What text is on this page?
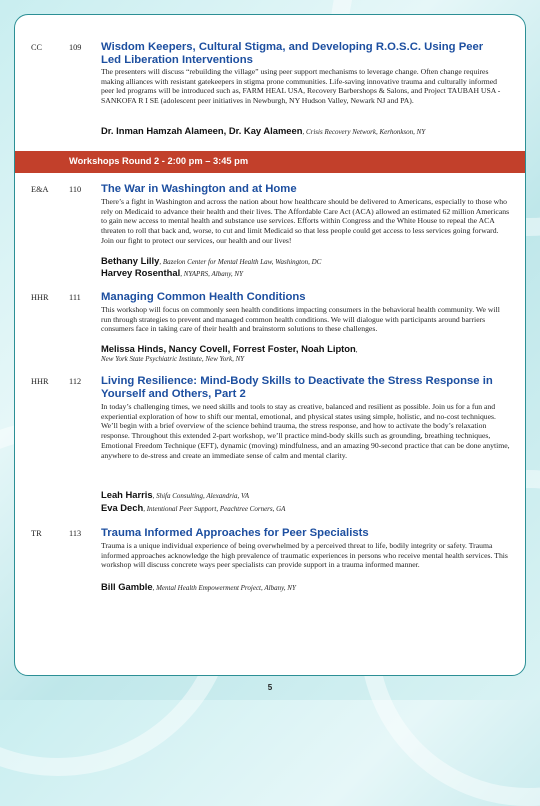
CC	109 Wisdom Keepers, Cultural Stigma, and Developing R.O.S.C. Using Peer Led Liberation Interventions

The presenters will discuss “rebuilding the village” using peer support mechanisms to leverage change. Often change requires making alliances with resistant gatekeepers in stigma prone communities. Life-saving innovative trauma and culturally informed peer led programs will be introduced such as, FARM HEAL USA, Recovery Barbershops & Salons, and Project TAUBAH USA - SANKOFA R I SE (adolescent peer initiatives in Newburgh, NY Hudson Valley, Newark NJ and PA).

Dr. Inman Hamzah Alameen, Dr. Kay Alameen, Crisis Recovery Network, Kerhonkson, NY
Workshops Round 2 - 2:00 pm – 3:45 pm
E&A 110 The War in Washington and at Home

There’s a fight in Washington and across the nation about how healthcare should be delivered to Americans, especially to those who rely on Medicaid to advance their health and their lives. The Affordable Care Act (ACA) allowed an estimated 62 million Americans to gain new access to mental health and substance use services. Efforts within Congress and the White House to repeal the ACA threaten to roll that back and, worse, to cut and limit Medicaid so that less people could get access to less services going forward. Join our fight to protect our services, our health and our lives!

Bethany Lilly, Bazelon Center for Mental Health Law, Washington, DC
Harvey Rosenthal, NYAPRS, Albany, NY
HHR 111 Managing Common Health Conditions

This workshop will focus on commonly seen health conditions impacting consumers in the behavioral health community. We will run through strategies to prevent and managed common health conditions. We will dialogue with participants around barriers consumers face in taking care of their health and brainstorm solutions to these challenges.

Melissa Hinds, Nancy Covell, Forrest Foster, Noah Lipton,
New York State Psychiatric Institute, New York, NY
HHR 112 Living Resilience: Mind-Body Skills to Deactivate the Stress Response in Yourself and Others, Part 2

In today’s challenging times, we need skills and tools to stay as creative, balanced and resilient as possible. Join us for a fun and experiential exploration of how to shift our mental, emotional, and physical states using simple, holistic, and no-cost techniques. We’ll begin with a brief overview of the science behind trauma, the stress response, and how to activate the body’s relaxation response. Throughout this extended 2-part workshop, we’ll practice mind-body skills such as grounding, breathing techniques, Emotional Freedom Technique (EFT), dynamic (moving) mindfulness, and an amazing 90-second practice that can be done anytime, anywhere to de-stress and create an immediate sense of calm and mental clarity.

Leah Harris, Shifa Consulting, Alexandria, VA
Eva Dech, Intentional Peer Support, Peachtree Corners, GA
TR	113 Trauma Informed Approaches for Peer Specialists

Trauma is a unique individual experience of being overwhelmed by a perceived threat to life, bodily integrity or safety. Trauma informed approaches acknowledge the high prevalence of traumatic experiences in persons who receive mental health services. This workshop will discuss concrete ways peer specialists can provide support in a trauma informed manner.

Bill Gamble, Mental Health Empowerment Project, Albany, NY
5
